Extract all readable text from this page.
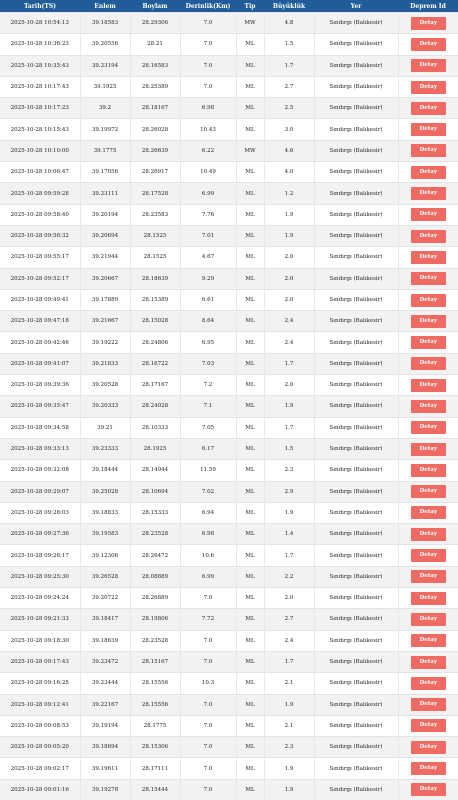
Tarih(TS)	Enlem	Boylam	Derinlik(Km)	Tip	Büyüklük	Yer	Deprem Id
2025-10-28 10:54:13	39.18583	28.29306	7.0	MW	4.8	Sındırgı (Balıkesir)	Detay
2025-10-28 10:36:23	39.20556	28.21	7.0	ML	1.5	Sındırgı (Balıkesir)	Detay
2025-10-28 10:35:43	39.23194	28.16583	7.0	ML	1.7	Sındırgı (Balıkesir)	Detay
2025-10-28 10:17:43	39.1925	28.25389	7.0	ML	2.7	Sındırgı (Balıkesir)	Detay
2025-10-28 10:17:23	39.2	28.18167	6.98	ML	2.5	Sındırgı (Balıkesir)	Detay
2025-10-28 10:15:43	39.19972	28.26028	10.43	ML	3.0	Sındırgı (Balıkesir)	Detay
2025-10-28 10:10:00	39.1775	28.26639	6.22	MW	4.6	Sındırgı (Balıkesir)	Detay
2025-10-28 10:06:47	39.17056	28.26917	10.49	ML	4.0	Sındırgı (Balıkesir)	Detay
2025-10-28 09:59:28	39.23111	28.17528	6.99	ML	1.2	Sındırgı (Balıkesir)	Detay
2025-10-28 09:58:40	39.20194	28.23583	7.76	ML	1.9	Sındırgı (Balıkesir)	Detay
2025-10-28 09:56:32	39.20694	28.1525	7.01	ML	1.9	Sındırgı (Balıkesir)	Detay
2025-10-28 09:55:17	39.21944	28.1525	4.67	ML	2.0	Sındırgı (Balıkesir)	Detay
2025-10-28 09:52:17	39.20667	28.18639	9.29	ML	2.0	Sındırgı (Balıkesir)	Detay
2025-10-28 09:49:41	39.17889	28.15389	6.61	ML	2.0	Sındırgı (Balıkesir)	Detay
2025-10-28 09:47:18	39.21667	28.15028	8.64	ML	2.4	Sındırgı (Balıkesir)	Detay
2025-10-28 09:42:46	39.19222	28.24806	6.95	ML	2.4	Sındırgı (Balıkesir)	Detay
2025-10-28 09:41:07	39.21833	28.16722	7.03	ML	1.7	Sındırgı (Balıkesir)	Detay
2025-10-28 09:39:36	39.20528	28.17167	7.2	ML	2.0	Sındırgı (Balıkesir)	Detay
2025-10-28 09:35:47	39.20333	28.24028	7.1	ML	1.9	Sındırgı (Balıkesir)	Detay
2025-10-28 09:34:58	39.21	28.10333	7.05	ML	1.7	Sındırgı (Balıkesir)	Detay
2025-10-28 09:33:13	39.23333	28.1925	6.17	ML	1.5	Sındırgı (Balıkesir)	Detay
2025-10-28 09:32:08	39.18444	28.14944	11.59	ML	2.3	Sındırgı (Balıkesir)	Detay
2025-10-28 09:29:07	39.25028	28.10694	7.02	ML	2.9	Sındırgı (Balıkesir)	Detay
2025-10-28 09:28:03	39.18833	28.15333	6.94	ML	1.9	Sındırgı (Balıkesir)	Detay
2025-10-28 09:27:36	39.19583	28.23528	6.98	ML	1.4	Sındırgı (Balıkesir)	Detay
2025-10-28 09:26:17	39.12306	28.26472	10.6	ML	1.7	Sındırgı (Balıkesir)	Detay
2025-10-28 09:25:30	39.26528	28.08889	6.99	ML	2.2	Sındırgı (Balıkesir)	Detay
2025-10-28 09:24:24	39.20722	28.26889	7.0	ML	2.0	Sındırgı (Balıkesir)	Detay
2025-10-28 09:21:33	39.18417	28.19806	7.72	ML	2.7	Sındırgı (Balıkesir)	Detay
2025-10-28 09:18:30	39.18639	28.23528	7.0	ML	2.4	Sındırgı (Balıkesir)	Detay
2025-10-28 09:17:43	39.23472	28.15167	7.0	ML	1.7	Sındırgı (Balıkesir)	Detay
2025-10-28 09:16:25	39.23444	28.15556	10.3	ML	2.1	Sındırgı (Balıkesir)	Detay
2025-10-28 09:12:41	39.22167	28.15556	7.0	ML	1.9	Sındırgı (Balıkesir)	Detay
2025-10-28 09:08:53	39.19194	28.1775	7.0	ML	2.1	Sındırgı (Balıkesir)	Detay
2025-10-28 09:05:20	39.18694	28.15306	7.0	ML	2.3	Sındırgı (Balıkesir)	Detay
2025-10-28 09:02:17	39.19611	28.17111	7.0	ML	1.9	Sındırgı (Balıkesir)	Detay
2025-10-28 09:01:16	39.19278	28.15444	7.0	ML	1.9	Sındırgı (Balıkesir)	Detay
